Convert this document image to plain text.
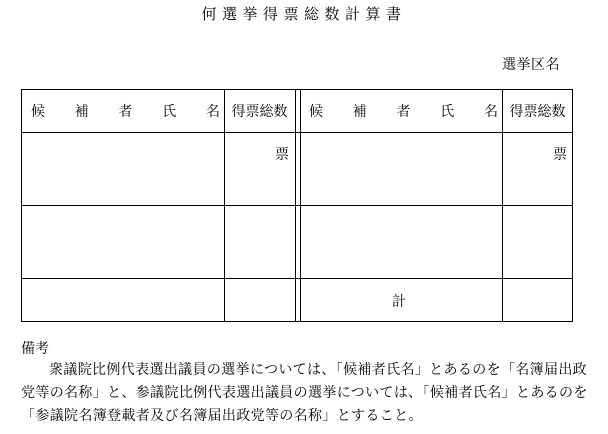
何選挙得票総数計算書
選挙区名
候 補 者 氏 名 得票総数	候 補 者 氏 名 得票総数
票	票
計
備考
衆議院比例代表選出議員の選挙については、「候補者氏名」とあるのを「名簿届出政党等の名称」と、参議院比例代表選出議員の選挙については、「候補者氏名」とあるのを「参議院名簿登載者及び名簿届出政党等の名称」とすること。
